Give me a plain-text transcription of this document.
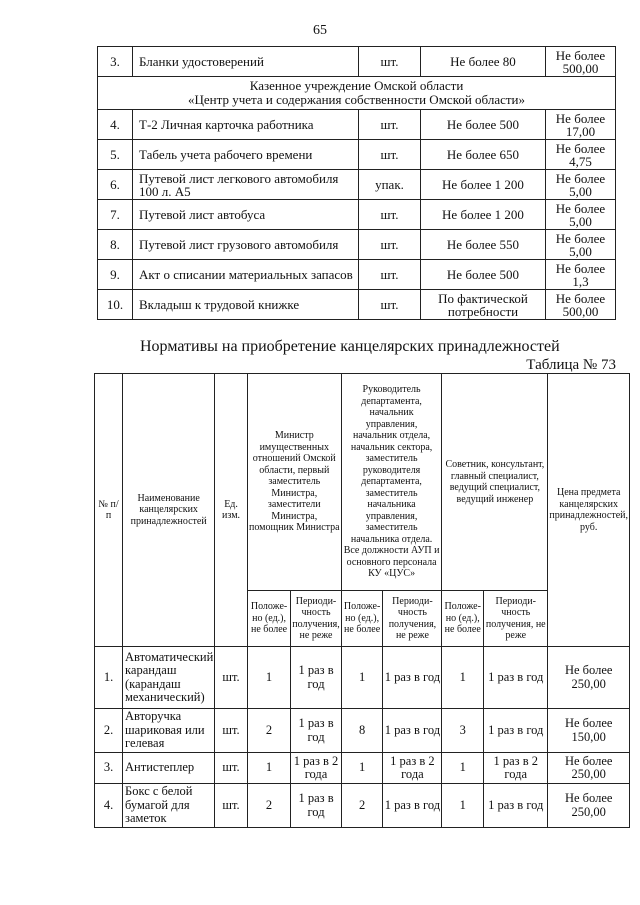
65
3.	Бланки удостоверений	шт.	Не более 80	Не более 500,00

Казенное учреждение Омской области
«Центр учета и содержания собственности Омской области»				

4.	Т-2 Личная карточка работника	шт.	Не более 500	Не более 17,00
5.	Табель учета рабочего времени	шт.	Не более 650	Не более 4,75
6.	Путевой лист легкового автомобиля 100 л. А5	упак.	Не более 1 200	Не более 5,00
7.	Путевой лист автобуса	шт.	Не более 1 200	Не более 5,00
8.	Путевой лист грузового автомобиля	шт.	Не более 550	Не более 5,00
9.	Акт о списании материальных запасов	шт.	Не более 500	Не более 1,3
10.	Вкладыш к трудовой книжке	шт.	По фактической потребности	Не более 500,00
Нормативы на приобретение канцелярских принадлежностей
Таблица № 73
№ п/п	Наименование канцелярских принадлежностей	Ед. изм.	Министр имущественных отношений Омской области, первый заместитель Министра, заместители Министра, помощник Министра		Руководитель департамента, начальник управления, начальник отдела, начальник сектора, заместитель руководителя департамента, заместитель начальника управления, заместитель начальника отдела. Все должности АУП и основного персонала КУ «ЦУС»		Советник, консультант, главный специалист, ведущий специалист, ведущий инженер		Цена предмета канцелярских принадлежностей, руб.
			Положе-но (ед.), не более	Периоди-чность получения, не реже	Положе-но (ед.), не более	Периоди-чность получения, не реже	Положе-но (ед.), не более	Периоди-чность получения, не реже	
1.	Автоматический карандаш (карандаш механический)	шт.	1	1 раз в год	1	1 раз в год	1	1 раз в год	Не более 250,00
2.	Авторучка шариковая или гелевая	шт.	2	1 раз в год	8	1 раз в год	3	1 раз в год	Не более 150,00
3.	Антистеплер	шт.	1	1 раз в 2 года	1	1 раз в 2 года	1	1 раз в 2 года	Не более 250,00
4.	Бокс с белой бумагой для заметок	шт.	2	1 раз в год	2	1 раз в год	1	1 раз в год	Не более 250,00
